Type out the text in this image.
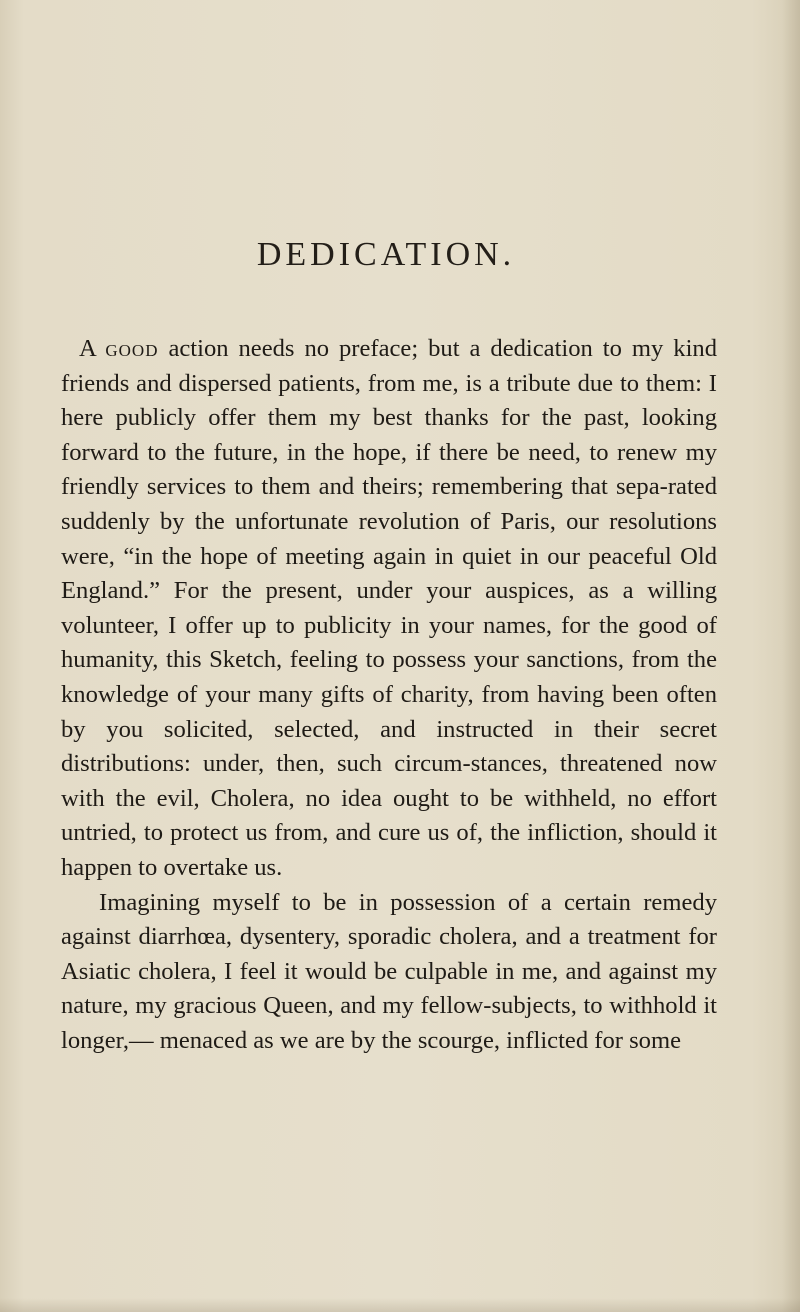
DEDICATION.

A good action needs no preface; but a dedication to my kind friends and dispersed patients, from me, is a tribute due to them: I here publicly offer them my best thanks for the past, looking forward to the future, in the hope, if there be need, to renew my friendly services to them and theirs; remembering that sepa-rated suddenly by the unfortunate revolution of Paris, our resolutions were, “in the hope of meeting again in quiet in our peaceful Old England.” For the present, under your auspices, as a willing volunteer, I offer up to publicity in your names, for the good of humanity, this Sketch, feeling to possess your sanctions, from the knowledge of your many gifts of charity, from having been often by you solicited, selected, and instructed in their secret distributions: under, then, such circum-stances, threatened now with the evil, Cholera, no idea ought to be withheld, no effort untried, to protect us from, and cure us of, the infliction, should it happen to overtake us.

Imagining myself to be in possession of a certain remedy against diarrhœa, dysentery, sporadic cholera, and a treatment for Asiatic cholera, I feel it would be culpable in me, and against my nature, my gracious Queen, and my fellow-subjects, to withhold it longer,— menaced as we are by the scourge, inflicted for some
